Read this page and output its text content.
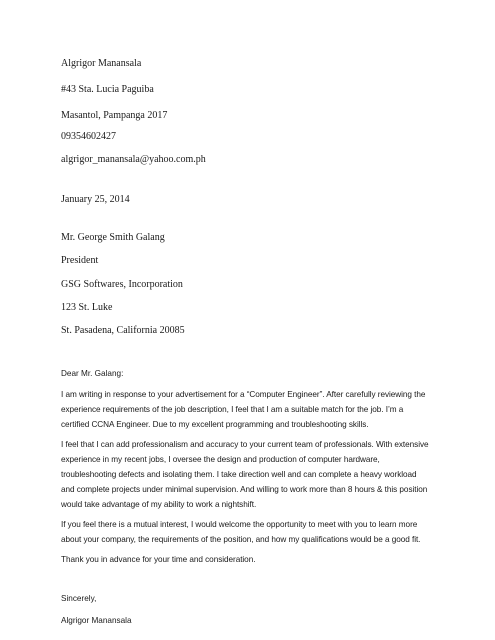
Algrigor Manansala
#43 Sta. Lucia Paguiba
Masantol, Pampanga 2017
09354602427
algrigor_manansala@yahoo.com.ph
January 25, 2014
Mr. George Smith Galang
President
GSG Softwares, Incorporation
123 St. Luke
St. Pasadena, California 20085
Dear Mr. Galang:
I am writing in response to your advertisement for a “Computer Engineer”. After carefully reviewing the
experience requirements of the job description, I feel that I am a suitable match for the job. I’m a
certified CCNA Engineer. Due to my excellent programming and troubleshooting skills.
I feel that I can add professionalism and accuracy to your current team of professionals. With extensive
experience in my recent jobs, I oversee the design and production of computer hardware,
troubleshooting defects and isolating them. I take direction well and can complete a heavy workload
and complete projects under minimal supervision. And willing to work more than 8 hours & this position
would take advantage of my ability to work a nightshift.
If you feel there is a mutual interest, I would welcome the opportunity to meet with you to learn more
about your company, the requirements of the position, and how my qualifications would be a good fit.
Thank you in advance for your time and consideration.
Sincerely,
Algrigor Manansala
